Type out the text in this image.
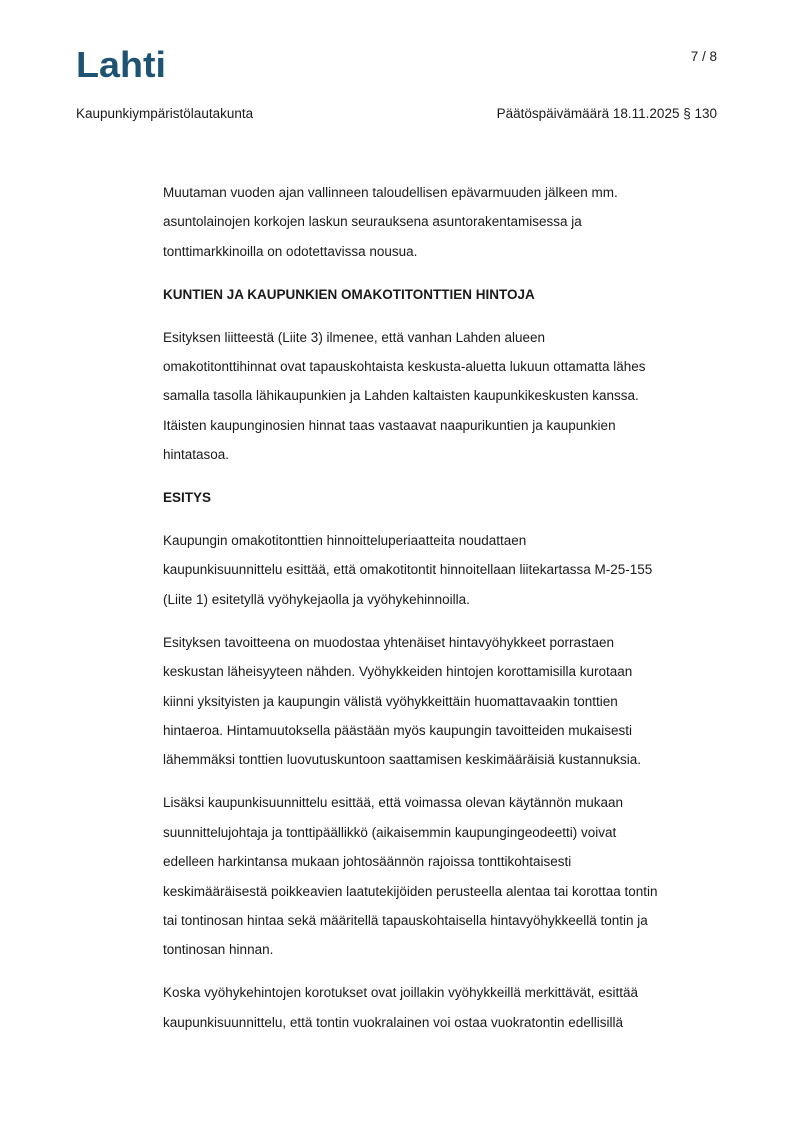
Lahti	7 / 8
Kaupunkiympäristölautakunta	Päätöspäivämäärä 18.11.2025 § 130

Muutaman vuoden ajan vallinneen taloudellisen epävarmuuden jälkeen mm.
asuntolainojen korkojen laskun seurauksena asuntorakentamisessa ja
tonttimarkkinoilla on odotettavissa nousua.

KUNTIEN JA KAUPUNKIEN OMAKOTITONTTIEN HINTOJA

Esityksen liitteestä (Liite 3) ilmenee, että vanhan Lahden alueen
omakotitonttihinnat ovat tapauskohtaista keskusta-aluetta lukuun ottamatta lähes
samalla tasolla lähikaupunkien ja Lahden kaltaisten kaupunkikeskusten kanssa.
Itäisten kaupunginosien hinnat taas vastaavat naapurikuntien ja kaupunkien
hintatasoa.

ESITYS

Kaupungin omakotitonttien hinnoitteluperiaatteita noudattaen
kaupunkisuunnittelu esittää, että omakotitontit hinnoitellaan liitekartassa M-25-155
(Liite 1) esitetyllä vyöhykejaolla ja vyöhykehinnoilla.

Esityksen tavoitteena on muodostaa yhtenäiset hintavyöhykkeet porrastaen
keskustan läheisyyteen nähden. Vyöhykkeiden hintojen korottamisilla kurotaan
kiinni yksityisten ja kaupungin välistä vyöhykkeittäin huomattavaakin tonttien
hintaeroa. Hintamuutoksella päästään myös kaupungin tavoitteiden mukaisesti
lähemmäksi tonttien luovutuskuntoon saattamisen keskimääräisiä kustannuksia.

Lisäksi kaupunkisuunnittelu esittää, että voimassa olevan käytännön mukaan
suunnittelujohtaja ja tonttipäällikkö (aikaisemmin kaupungingeodeetti) voivat
edelleen harkintansa mukaan johtosäännön rajoissa tonttikohtaisesti
keskimääräisestä poikkeavien laatutekijöiden perusteella alentaa tai korottaa tontin
tai tontinosan hintaa sekä määritellä tapauskohtaisella hintavyöhykkeellä tontin ja
tontinosan hinnan.

Koska vyöhykehintojen korotukset ovat joillakin vyöhykkeillä merkittävät, esittää
kaupunkisuunnittelu, että tontin vuokralainen voi ostaa vuokratontin edellisillä
